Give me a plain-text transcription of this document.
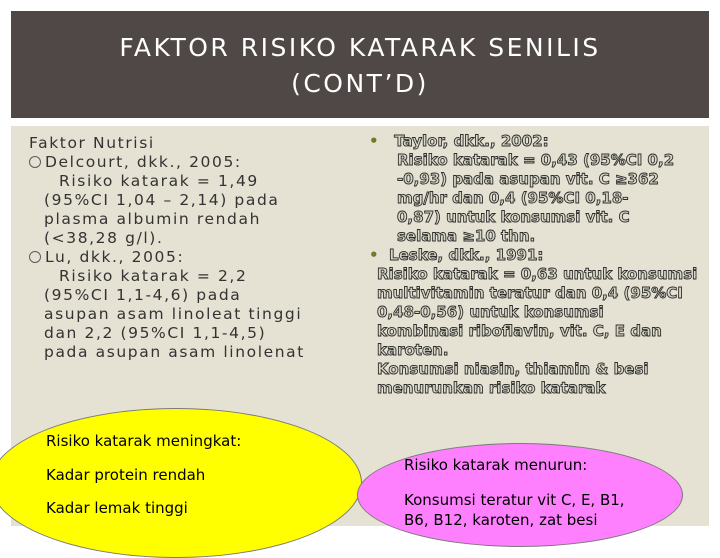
FAKTOR RISIKO KATARAK SENILIS
(CONT’D)
Faktor Nutrisi
Delcourt, dkk., 2005:
Risiko katarak = 1,49
(95%CI 1,04 – 2,14) pada
plasma albumin rendah
(<38,28 g/l).
Lu, dkk., 2005:
Risiko katarak = 2,2
(95%CI 1,1-4,6) pada
asupan asam linoleat tinggi
dan 2,2 (95%CI 1,1-4,5)
pada asupan asam linolenat
• Taylor, dkk., 2002:
Risiko katarak = 0,43 (95%CI 0,2
-0,93) pada asupan vit. C ≥362
mg/hr dan 0,4 (95%CI 0,18-
0,87) untuk konsumsi vit. C
selama ≥10 thn.
• Leske, dkk., 1991:
Risiko katarak = 0,63 untuk konsumsi
multivitamin teratur dan 0,4 (95%CI
0,48-0,56) untuk konsumsi
kombinasi riboflavin, vit. C, E dan
karoten.
Konsumsi niasin, thiamin & besi
menurunkan risiko katarak
Risiko katarak meningkat:
Kadar protein rendah
Kadar lemak tinggi
Risiko katarak menurun:
Konsumsi teratur vit C, E, B1,
B6, B12, karoten, zat besi
